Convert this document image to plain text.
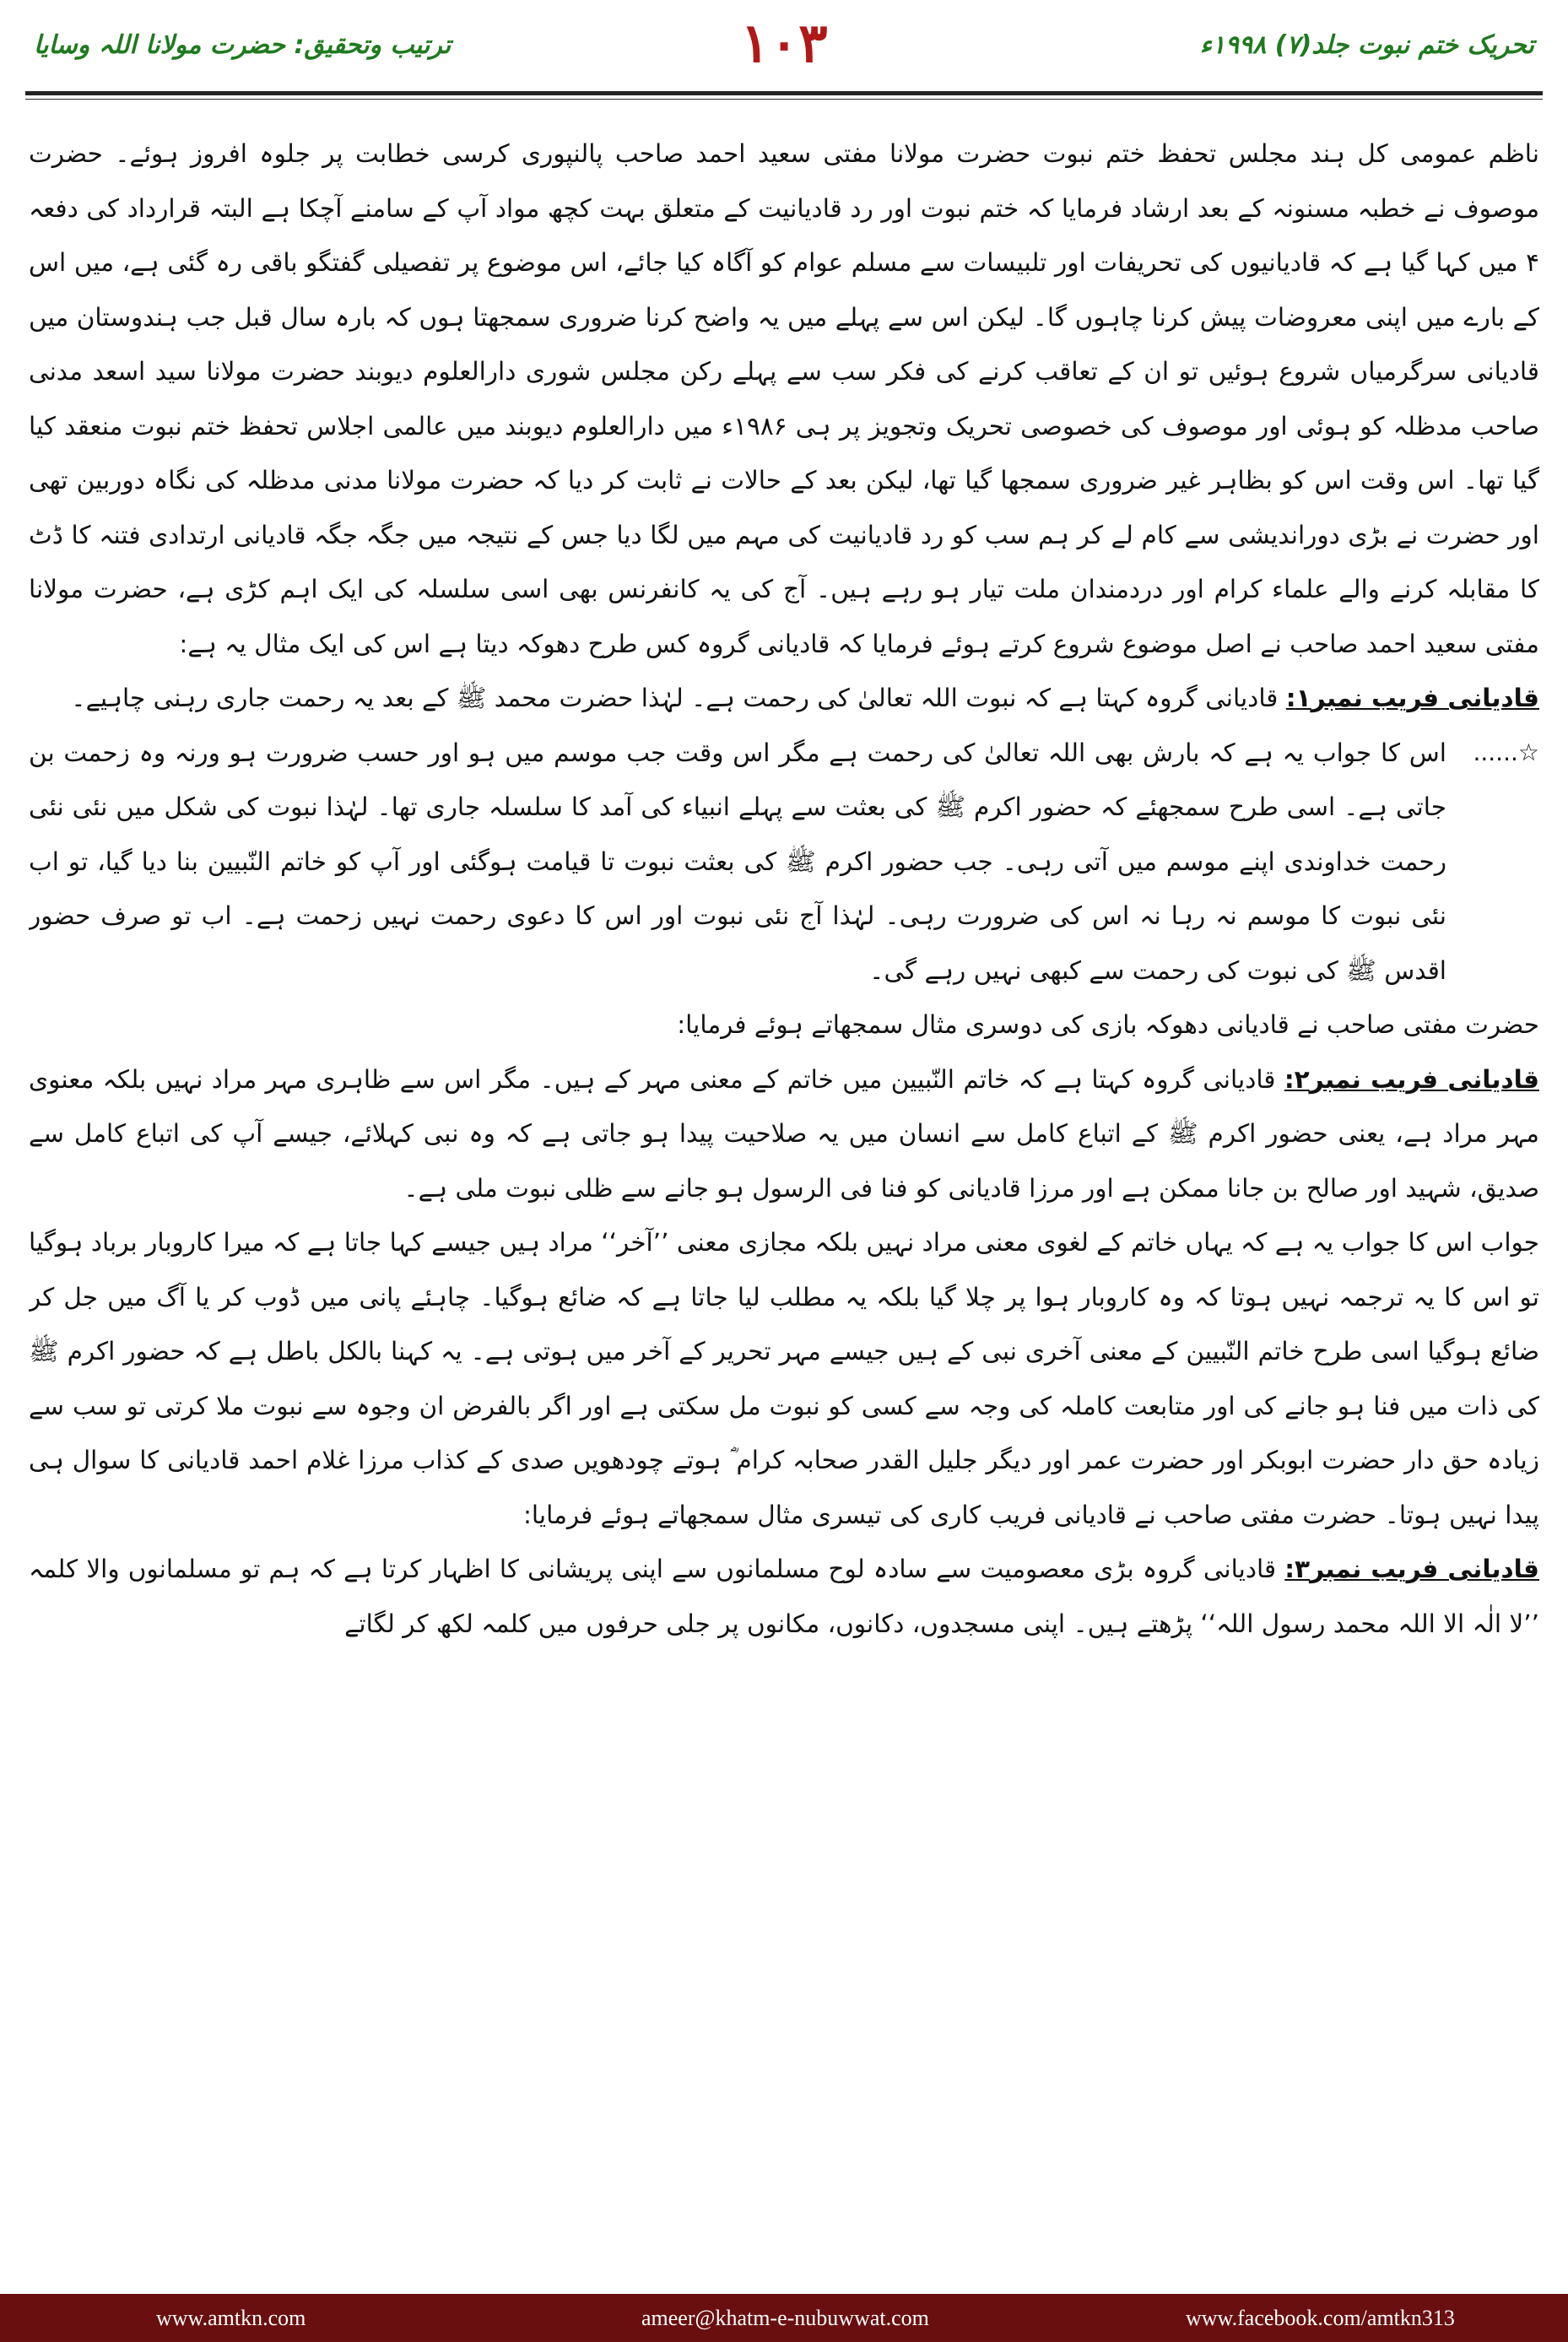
تحریک ختم نبوت جلد(۷) ۱۹۹۸ء
۱۰۳
ترتیب وتحقیق: حضرت مولانا اللہ وسایا

ناظم عمومی کل ہند مجلس تحفظ ختم نبوت حضرت مولانا مفتی سعید احمد صاحب پالنپوری کرسی خطابت پر جلوہ افروز ہوئے۔ حضرت موصوف نے خطبہ مسنونہ کے بعد ارشاد فرمایا کہ ختم نبوت اور رد قادیانیت کے متعلق بہت کچھ مواد آپ کے سامنے آچکا ہے البتہ قرارداد کی دفعہ ۴ میں کہا گیا ہے کہ قادیانیوں کی تحریفات اور تلبیسات سے مسلم عوام کو آگاہ کیا جائے، اس موضوع پر تفصیلی گفتگو باقی رہ گئی ہے، میں اس کے بارے میں اپنی معروضات پیش کرنا چاہوں گا۔ لیکن اس سے پہلے میں یہ واضح کرنا ضروری سمجھتا ہوں کہ بارہ سال قبل جب ہندوستان میں قادیانی سرگرمیاں شروع ہوئیں تو ان کے تعاقب کرنے کی فکر سب سے پہلے رکن مجلس شوری دارالعلوم دیوبند حضرت مولانا سید اسعد مدنی صاحب مدظلہ کو ہوئی اور موصوف کی خصوصی تحریک وتجویز پر ہی ۱۹۸۶ء میں دارالعلوم دیوبند میں عالمی اجلاس تحفظ ختم نبوت منعقد کیا گیا تھا۔ اس وقت اس کو بظاہر غیر ضروری سمجھا گیا تھا، لیکن بعد کے حالات نے ثابت کر دیا کہ حضرت مولانا مدنی مدظلہ کی نگاہ دوربین تھی اور حضرت نے بڑی دوراندیشی سے کام لے کر ہم سب کو رد قادیانیت کی مہم میں لگا دیا جس کے نتیجہ میں جگہ جگہ قادیانی ارتدادی فتنہ کا ڈٹ کا مقابلہ کرنے والے علماء کرام اور دردمندان ملت تیار ہو رہے ہیں۔ آج کی یہ کانفرنس بھی اسی سلسلہ کی ایک اہم کڑی ہے، حضرت مولانا مفتی سعید احمد صاحب نے اصل موضوع شروع کرتے ہوئے فرمایا کہ قادیانی گروہ کس طرح دھوکہ دیتا ہے اس کی ایک مثال یہ ہے:

قادیانی فریب نمبر۱: قادیانی گروہ کہتا ہے کہ نبوت اللہ تعالیٰ کی رحمت ہے۔ لہٰذا حضرت محمد ﷺ کے بعد یہ رحمت جاری رہنی چاہیے۔

☆......
اس کا جواب یہ ہے کہ بارش بھی اللہ تعالیٰ کی رحمت ہے مگر اس وقت جب موسم میں ہو اور حسب ضرورت ہو ورنہ وہ زحمت بن جاتی ہے۔ اسی طرح سمجھئے کہ حضور اکرم ﷺ کی بعثت سے پہلے انبیاء کی آمد کا سلسلہ جاری تھا۔ لہٰذا نبوت کی شکل میں نئی نئی رحمت خداوندی اپنے موسم میں آتی رہی۔ جب حضور اکرم ﷺ کی بعثت نبوت تا قیامت ہوگئی اور آپ کو خاتم النّبیین بنا دیا گیا، تو اب نئی نبوت کا موسم نہ رہا نہ اس کی ضرورت رہی۔ لہٰذا آج نئی نبوت اور اس کا دعوی رحمت نہیں زحمت ہے۔ اب تو صرف حضور اقدس ﷺ کی نبوت کی رحمت سے کبھی نہیں رہے گی۔

حضرت مفتی صاحب نے قادیانی دھوکہ بازی کی دوسری مثال سمجھاتے ہوئے فرمایا:

قادیانی فریب نمبر۲: قادیانی گروہ کہتا ہے کہ خاتم النّبیین میں خاتم کے معنی مہر کے ہیں۔ مگر اس سے ظاہری مہر مراد نہیں بلکہ معنوی مہر مراد ہے، یعنی حضور اکرم ﷺ کے اتباع کامل سے انسان میں یہ صلاحیت پیدا ہو جاتی ہے کہ وہ نبی کہلائے، جیسے آپ کی اتباع کامل سے صدیق، شہید اور صالح بن جانا ممکن ہے اور مرزا قادیانی کو فنا فی الرسول ہو جانے سے ظلی نبوت ملی ہے۔

جواب اس کا جواب یہ ہے کہ یہاں خاتم کے لغوی معنی مراد نہیں بلکہ مجازی معنی ’’آخر‘‘ مراد ہیں جیسے کہا جاتا ہے کہ میرا کاروبار برباد ہوگیا تو اس کا یہ ترجمہ نہیں ہوتا کہ وہ کاروبار ہوا پر چلا گیا بلکہ یہ مطلب لیا جاتا ہے کہ ضائع ہوگیا۔ چاہئے پانی میں ڈوب کر یا آگ میں جل کر ضائع ہوگیا اسی طرح خاتم النّبیین کے معنی آخری نبی کے ہیں جیسے مہر تحریر کے آخر میں ہوتی ہے۔ یہ کہنا بالکل باطل ہے کہ حضور اکرم ﷺ کی ذات میں فنا ہو جانے کی اور متابعت کاملہ کی وجہ سے کسی کو نبوت مل سکتی ہے اور اگر بالفرض ان وجوہ سے نبوت ملا کرتی تو سب سے زیادہ حق دار حضرت ابوبکر اور حضرت عمر اور دیگر جلیل القدر صحابہ کرام ؓ ہوتے چودھویں صدی کے کذاب مرزا غلام احمد قادیانی کا سوال ہی پیدا نہیں ہوتا۔ حضرت مفتی صاحب نے قادیانی فریب کاری کی تیسری مثال سمجھاتے ہوئے فرمایا:

قادیانی فریب نمبر۳: قادیانی گروہ بڑی معصومیت سے سادہ لوح مسلمانوں سے اپنی پریشانی کا اظہار کرتا ہے کہ ہم تو مسلمانوں والا کلمہ ’’لا الٰہ الا اللہ محمد رسول اللہ‘‘ پڑھتے ہیں۔ اپنی مسجدوں، دکانوں، مکانوں پر جلی حرفوں میں کلمہ لکھ کر لگاتے

www.amtkn.com	ameer@khatm-e-nubuwwat.com	www.facebook.com/amtkn313
